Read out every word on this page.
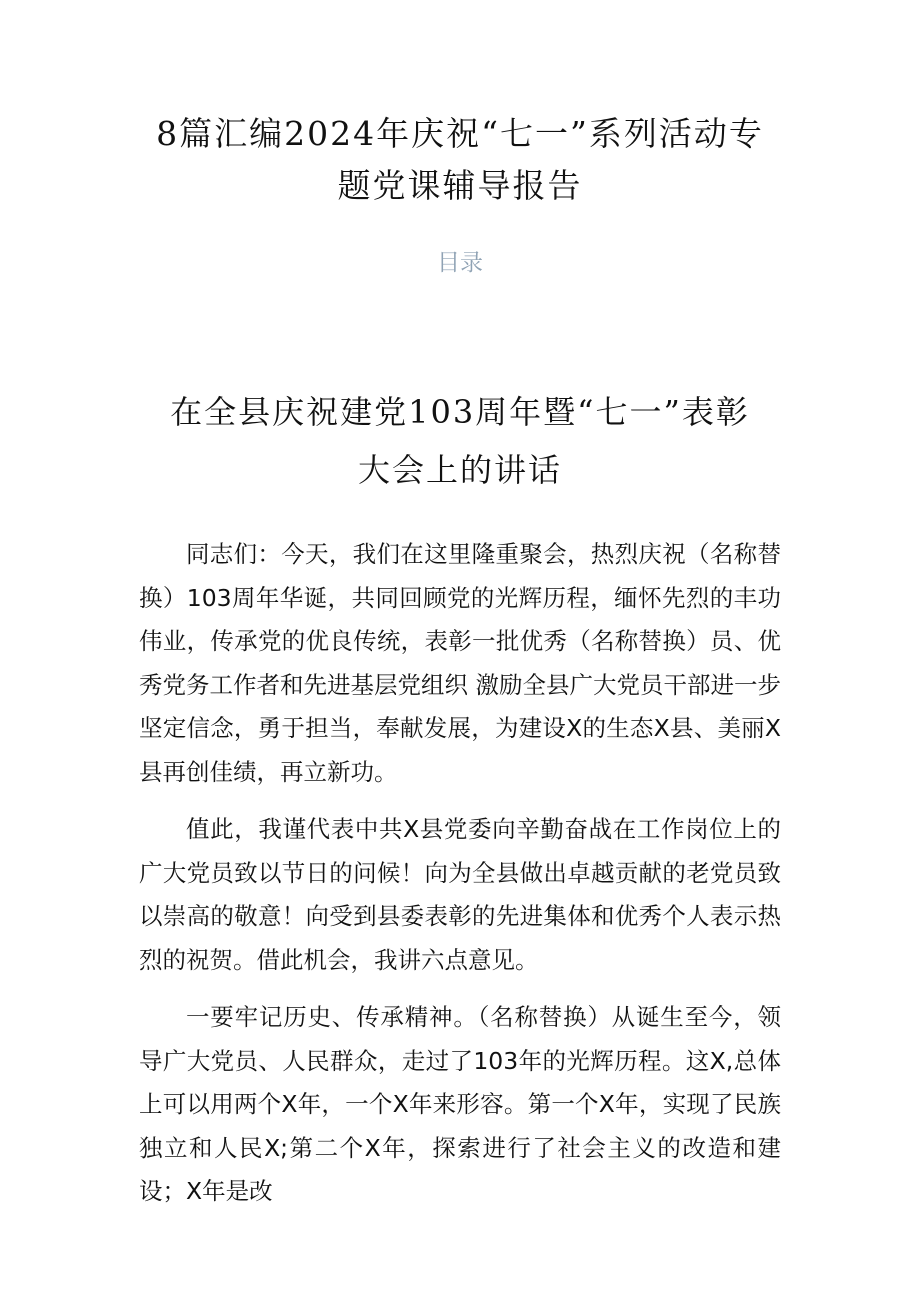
8篇汇编2024年庆祝“七一”系列活动专
题党课辅导报告
目录
在全县庆祝建党103周年暨“七一”表彰
大会上的讲话

同志们：今天，我们在这里隆重聚会，热烈庆祝（名称替换）103周年华诞，共同回顾党的光辉历程，缅怀先烈的丰功伟业，传承党的优良传统，表彰一批优秀（名称替换）员、优秀党务工作者和先进基层党组织 激励全县广大党员干部进一步坚定信念，勇于担当，奉献发展，为建设X的生态X县、美丽X县再创佳绩，再立新功。

值此，我谨代表中共X县党委向辛勤奋战在工作岗位上的广大党员致以节日的问候！向为全县做出卓越贡献的老党员致以崇高的敬意！向受到县委表彰的先进集体和优秀个人表示热烈的祝贺。借此机会，我讲六点意见。

一要牢记历史、传承精神。（名称替换）从诞生至今，领导广大党员、人民群众，走过了103年的光辉历程。这X,总体上可以用两个X年，一个X年来形容。第一个X年，实现了民族独立和人民X;第二个X年，探索进行了社会主义的改造和建设；X年是改
